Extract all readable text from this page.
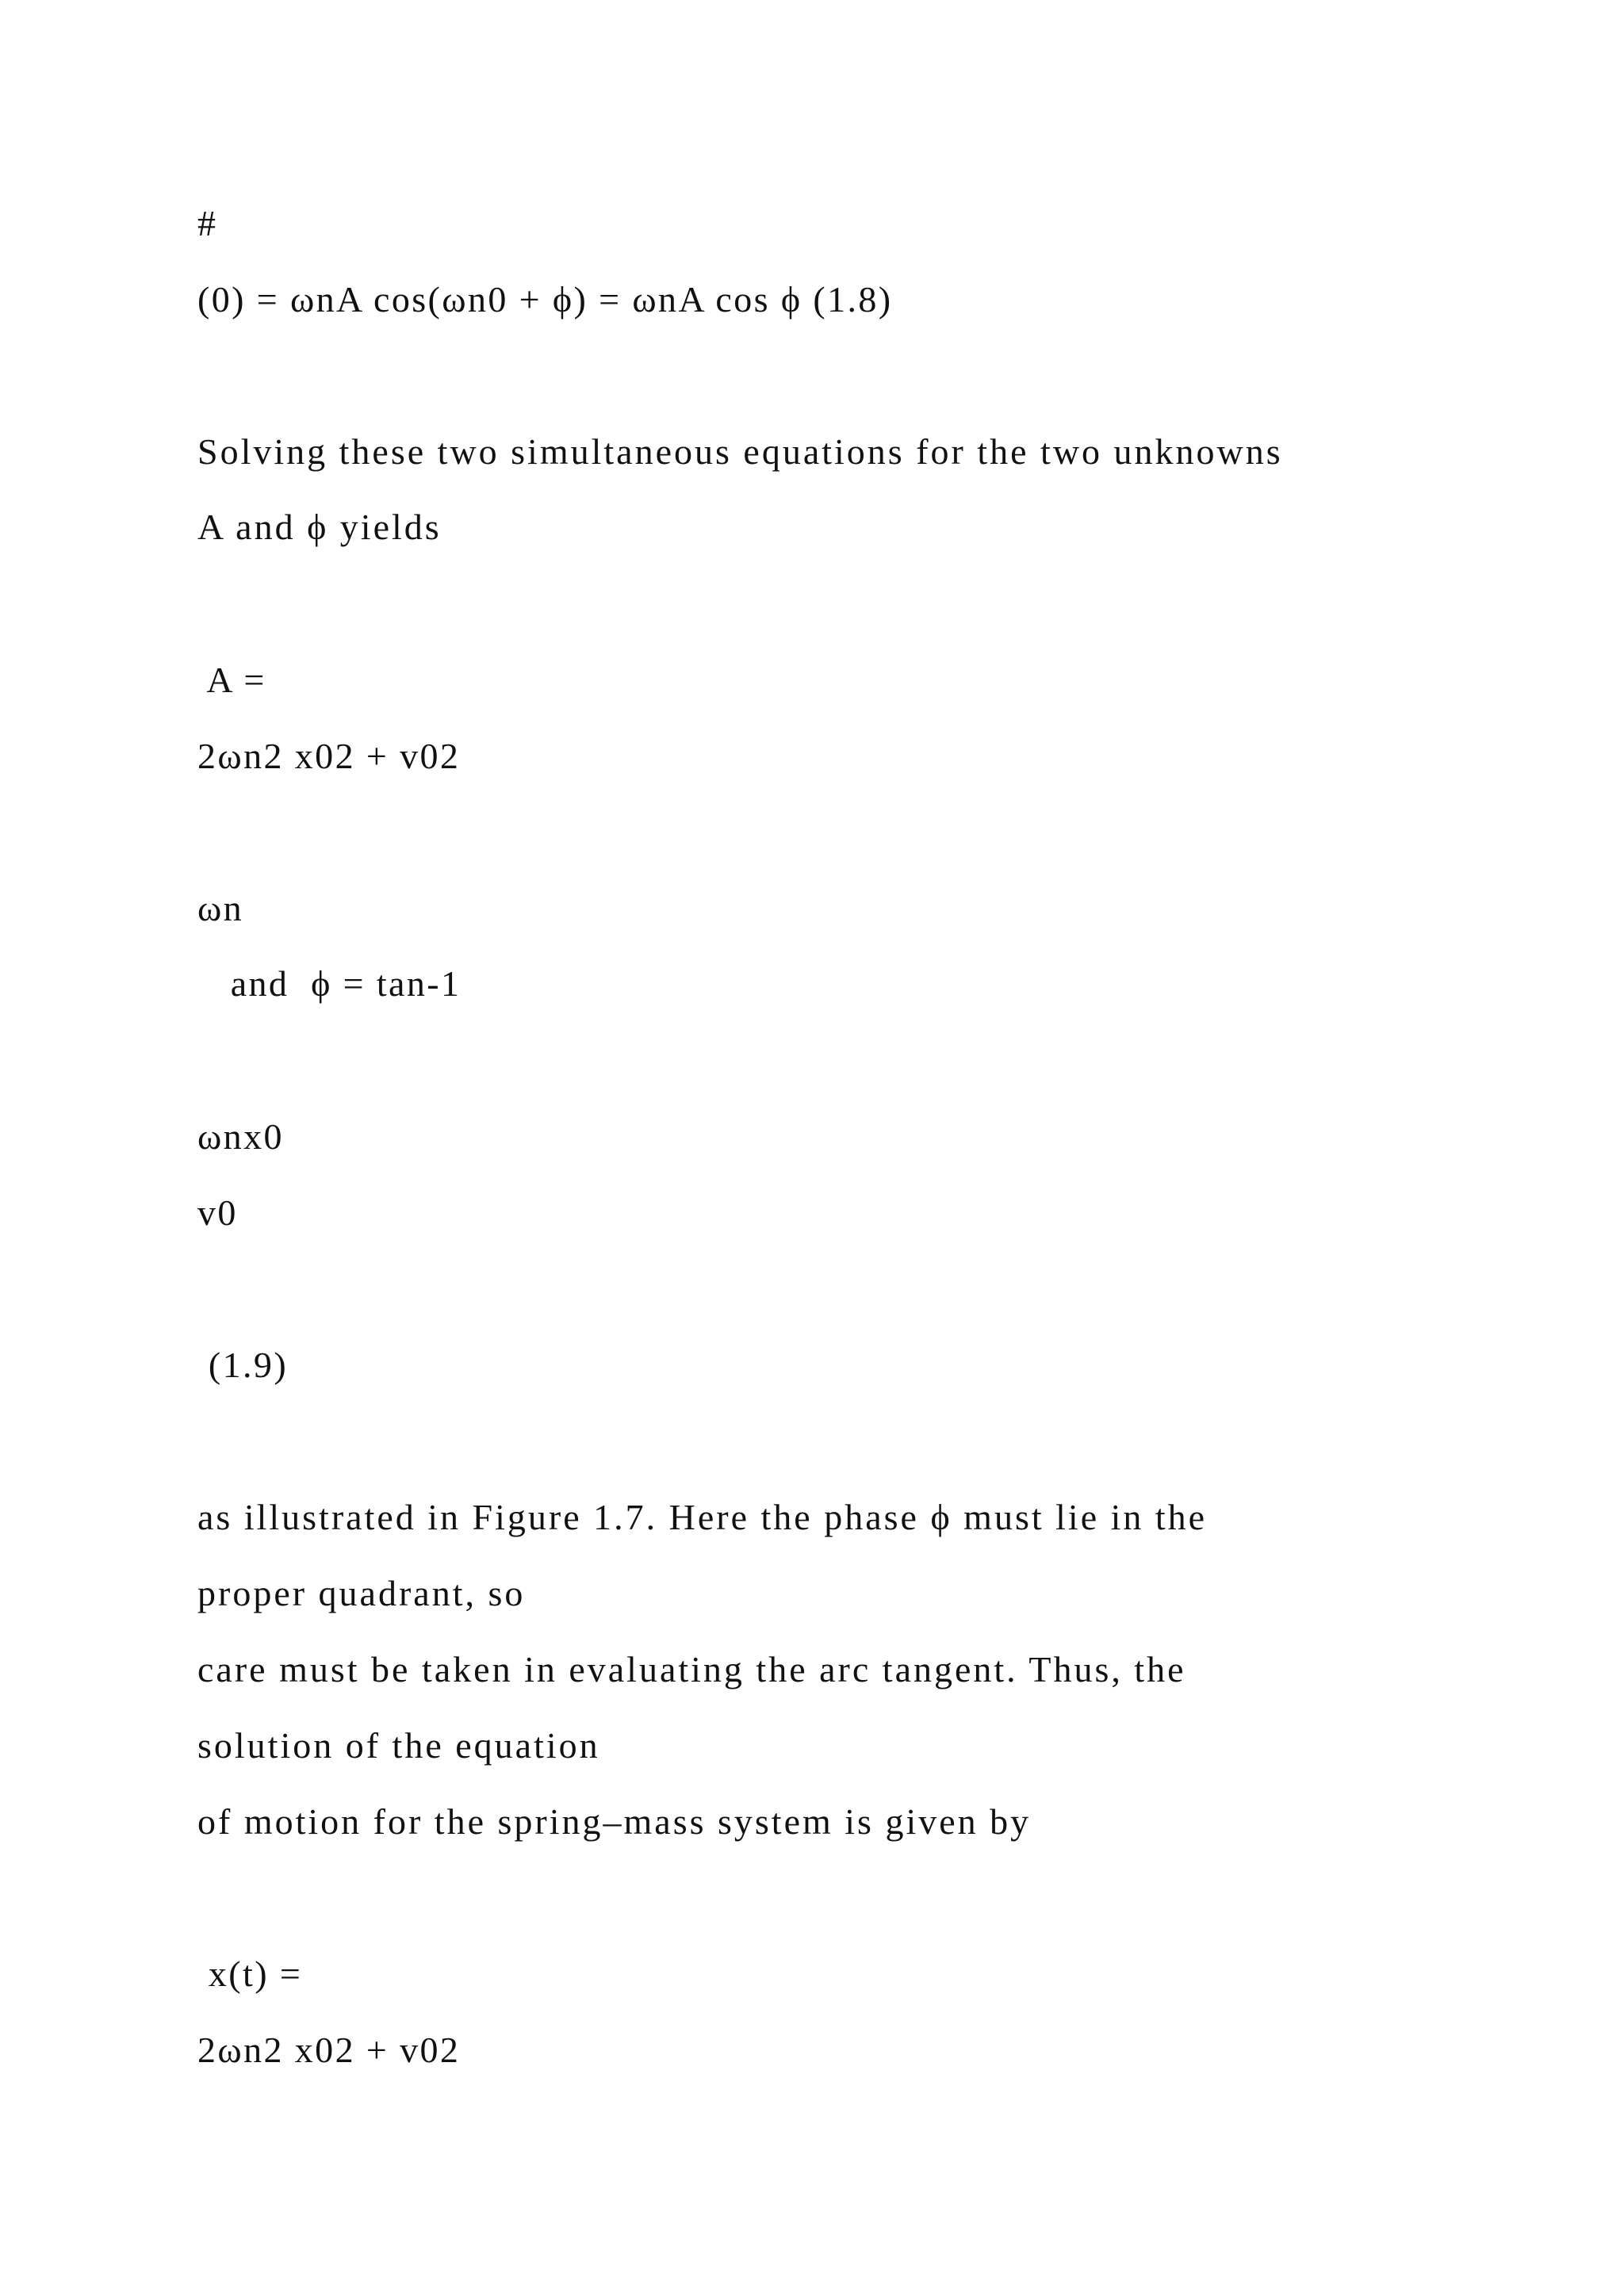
#

(0) = ωnA cos(ωn0 + ϕ) = ωnA cos ϕ (1.8)

Solving these two simultaneous equations for the two unknowns

A and ϕ yields

A =

2ωn2 x02 + v02

ωn

and  ϕ = tan-1

ωnx0

v0

(1.9)

as illustrated in Figure 1.7. Here the phase ϕ must lie in the

proper quadrant, so

care must be taken in evaluating the arc tangent. Thus, the

solution of the equation

of motion for the spring–mass system is given by

x(t) =

2ωn2 x02 + v02
